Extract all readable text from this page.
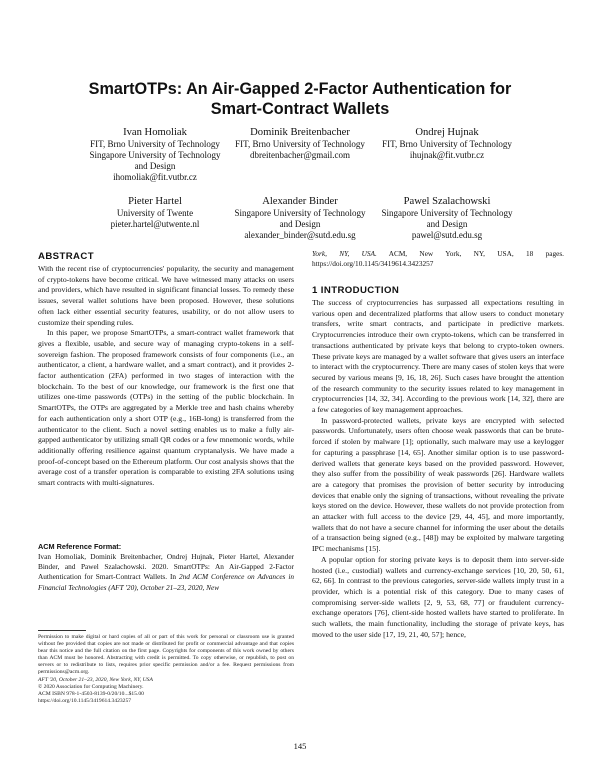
SmartOTPs: An Air-Gapped 2-Factor Authentication for
Smart-Contract Wallets
Ivan Homoliak
FIT, Brno University of Technology
Singapore University of Technology
and Design
ihomoliak@fit.vutbr.cz
Dominik Breitenbacher
FIT, Brno University of Technology
dbreitenbacher@gmail.com
Ondrej Hujnak
FIT, Brno University of Technology
ihujnak@fit.vutbr.cz
Pieter Hartel
University of Twente
pieter.hartel@utwente.nl
Alexander Binder
Singapore University of Technology
and Design
alexander_binder@sutd.edu.sg
Pawel Szalachowski
Singapore University of Technology
and Design
pawel@sutd.edu.sg
ABSTRACT

With the recent rise of cryptocurrencies' popularity, the security and management of crypto-tokens have become critical. We have witnessed many attacks on users and providers, which have resulted in significant financial losses. To remedy these issues, several wallet solutions have been proposed. However, these solutions often lack either essential security features, usability, or do not allow users to customize their spending rules.

In this paper, we propose SmartOTPs, a smart-contract wallet framework that gives a flexible, usable, and secure way of managing crypto-tokens in a self-sovereign fashion. The proposed framework consists of four components (i.e., an authenticator, a client, a hardware wallet, and a smart contract), and it provides 2-factor authentication (2FA) performed in two stages of interaction with the blockchain. To the best of our knowledge, our framework is the first one that utilizes one-time passwords (OTPs) in the setting of the public blockchain. In SmartOTPs, the OTPs are aggregated by a Merkle tree and hash chains whereby for each authentication only a short OTP (e.g., 16B-long) is transferred from the authenticator to the client. Such a novel setting enables us to make a fully air-gapped authenticator by utilizing small QR codes or a few mnemonic words, while additionally offering resilience against quantum cryptanalysis. We have made a proof-of-concept based on the Ethereum platform. Our cost analysis shows that the average cost of a transfer operation is comparable to existing 2FA solutions using smart contracts with multi-signatures.

ACM Reference Format:
Ivan Homoliak, Dominik Breitenbacher, Ondrej Hujnak, Pieter Hartel, Alexander Binder, and Pawel Szalachowski. 2020. SmartOTPs: An Air-Gapped 2-Factor Authentication for Smart-Contract Wallets. In 2nd ACM Conference on Advances in Financial Technologies (AFT '20), October 21–23, 2020, New
Permission to make digital or hard copies of all or part of this work for personal or classroom use is granted without fee provided that copies are not made or distributed for profit or commercial advantage and that copies bear this notice and the full citation on the first page. Copyrights for components of this work owned by others than ACM must be honored. Abstracting with credit is permitted. To copy otherwise, or republish, to post on servers or to redistribute to lists, requires prior specific permission and/or a fee. Request permissions from permissions@acm.org.
AFT '20, October 21–23, 2020, New York, NY, USA
© 2020 Association for Computing Machinery.
ACM ISBN 978-1-4503-8139-0/20/10...$15.00
https://doi.org/10.1145/3419614.3423257
York, NY, USA. ACM, New York, NY, USA, 18 pages. https://doi.org/10.1145/3419614.3423257
1 INTRODUCTION

The success of cryptocurrencies has surpassed all expectations resulting in various open and decentralized platforms that allow users to conduct monetary transfers, write smart contracts, and participate in predictive markets. Cryptocurrencies introduce their own crypto-tokens, which can be transferred in transactions authenticated by private keys that belong to crypto-token owners. These private keys are managed by a wallet software that gives users an interface to interact with the cryptocurrency. There are many cases of stolen keys that were secured by various means [9, 16, 18, 26]. Such cases have brought the attention of the research community to the security issues related to key management in cryptocurrencies [14, 32, 34]. According to the previous work [14, 32], there are a few categories of key management approaches.

In password-protected wallets, private keys are encrypted with selected passwords. Unfortunately, users often choose weak passwords that can be brute-forced if stolen by malware [1]; optionally, such malware may use a keylogger for capturing a passphrase [14, 65]. Another similar option is to use password-derived wallets that generate keys based on the provided password. However, they also suffer from the possibility of weak passwords [26]. Hardware wallets are a category that promises the provision of better security by introducing devices that enable only the signing of transactions, without revealing the private keys stored on the device. However, these wallets do not provide protection from an attacker with full access to the device [29, 44, 45], and more importantly, wallets that do not have a secure channel for informing the user about the details of a transaction being signed (e.g., [48]) may be exploited by malware targeting IPC mechanisms [15].

A popular option for storing private keys is to deposit them into server-side hosted (i.e., custodial) wallets and currency-exchange services [10, 20, 50, 61, 62, 66]. In contrast to the previous categories, server-side wallets imply trust in a provider, which is a potential risk of this category. Due to many cases of compromising server-side wallets [2, 9, 53, 68, 77] or fraudulent currency-exchange operators [76], client-side hosted wallets have started to proliferate. In such wallets, the main functionality, including the storage of private keys, has moved to the user side [17, 19, 21, 40, 57]; hence,

145
